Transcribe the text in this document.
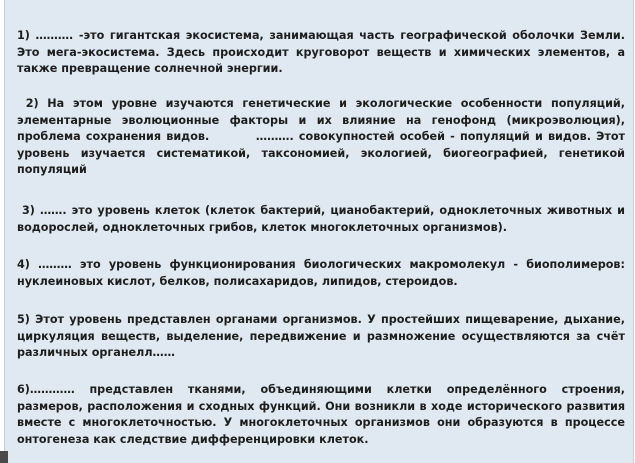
1) ………. -это гигантская экосистема, занимающая часть географической оболочки Земли.
Это мега-экосистема. Здесь происходит круговорот веществ и химических элементов, а
также превращение солнечной энергии.
2) На этом уровне изучаются генетические и экологические особенности популяций,
элементарные эволюционные факторы и их влияние на генофонд (микроэволюция),
проблема сохранения видов.         ………. совокупностей особей - популяций и видов. Этот
уровень изучается систематикой, таксономией, экологией, биогеографией, генетикой
популяций
3) ……. это уровень клеток (клеток бактерий, цианобактерий, одноклеточных животных и
водорослей, одноклеточных грибов, клеток многоклеточных организмов).
4) ……… это уровень функционирования биологических макромолекул - биополимеров:
нуклеиновых кислот, белков, полисахаридов, липидов, стероидов.
5) Этот уровень представлен органами организмов. У простейших пищеварение, дыхание,
циркуляция веществ, выделение, передвижение и размножение осуществляются за счёт
различных органелл……
6)………… представлен тканями, объединяющими клетки определённого строения,
размеров, расположения и сходных функций. Они возникли в ходе исторического развития
вместе с многоклеточностью. У многоклеточных организмов они образуются в процессе
онтогенеза как следствие дифференцировки клеток.
